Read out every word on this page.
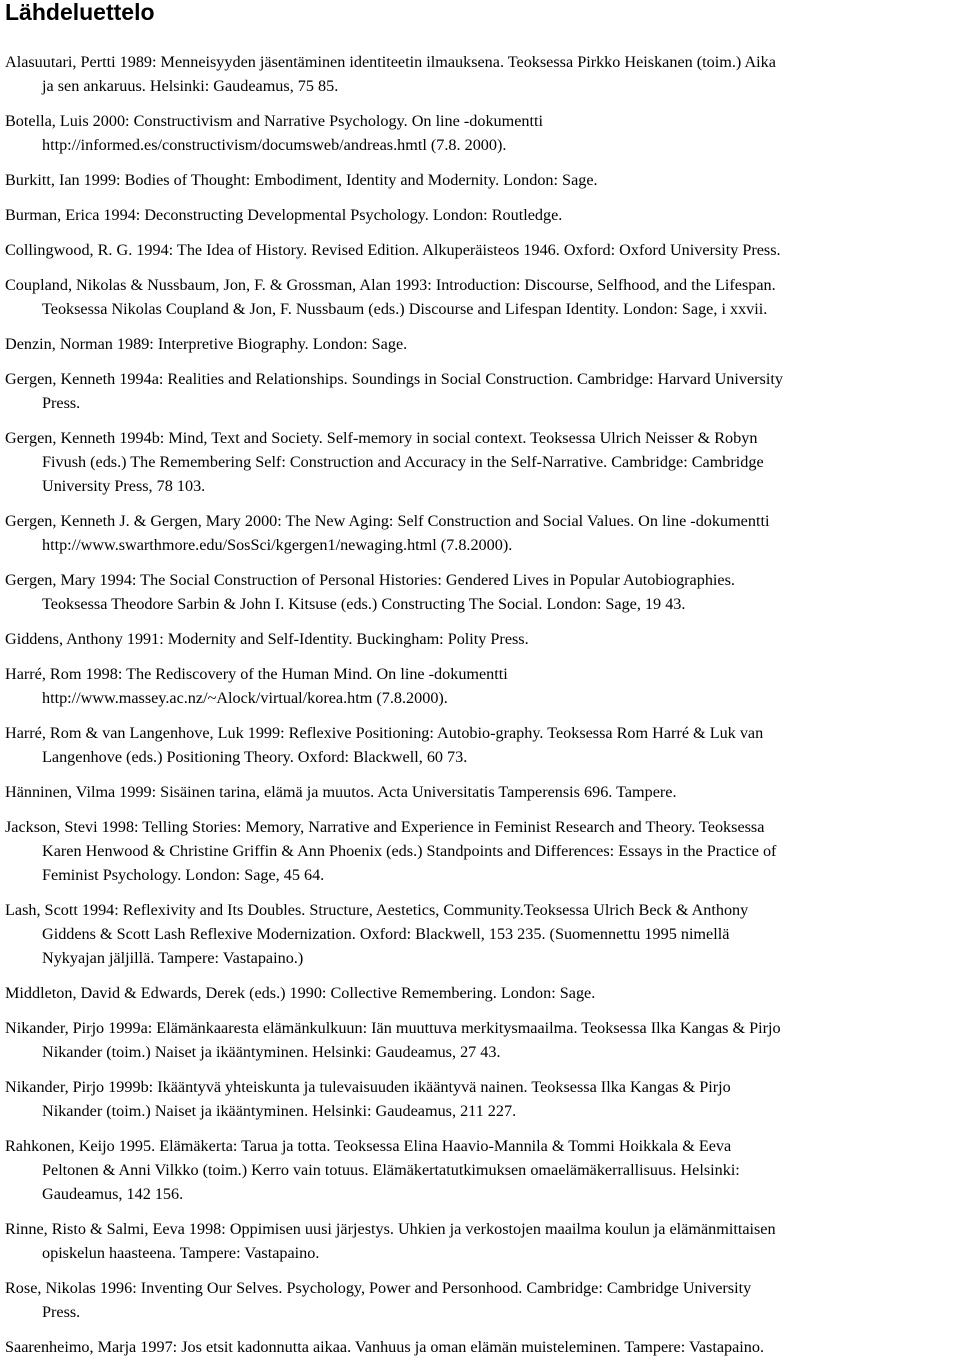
Lähdeluettelo
Alasuutari, Pertti 1989: Menneisyyden jäsentäminen identiteetin ilmauksena. Teoksessa Pirkko Heiskanen (toim.) Aika
ja sen ankaruus. Helsinki: Gaudeamus, 75 85.
Botella, Luis 2000: Constructivism and Narrative Psychology. On line -dokumentti
http://informed.es/constructivism/documsweb/andreas.hmtl (7.8. 2000).
Burkitt, Ian 1999: Bodies of Thought: Embodiment, Identity and Modernity. London: Sage.
Burman, Erica 1994: Deconstructing Developmental Psychology. London: Routledge.
Collingwood, R. G. 1994: The Idea of History. Revised Edition. Alkuperäisteos 1946. Oxford: Oxford University Press.
Coupland, Nikolas & Nussbaum, Jon, F. & Grossman, Alan 1993: Introduction: Discourse, Selfhood, and the Lifespan.
Teoksessa Nikolas Coupland & Jon, F. Nussbaum (eds.) Discourse and Lifespan Identity. London: Sage, i xxvii.
Denzin, Norman 1989: Interpretive Biography. London: Sage.
Gergen, Kenneth 1994a: Realities and Relationships. Soundings in Social Construction. Cambridge: Harvard University
Press.
Gergen, Kenneth 1994b: Mind, Text and Society. Self-memory in social context. Teoksessa Ulrich Neisser & Robyn
Fivush (eds.) The Remembering Self: Construction and Accuracy in the Self-Narrative. Cambridge: Cambridge
University Press, 78 103.
Gergen, Kenneth J. & Gergen, Mary 2000: The New Aging: Self Construction and Social Values. On line -dokumentti
http://www.swarthmore.edu/SosSci/kgergen1/newaging.html (7.8.2000).
Gergen, Mary 1994: The Social Construction of Personal Histories: Gendered Lives in Popular Autobiographies.
Teoksessa Theodore Sarbin & John I. Kitsuse (eds.) Constructing The Social. London: Sage, 19 43.
Giddens, Anthony 1991: Modernity and Self-Identity. Buckingham: Polity Press.
Harré, Rom 1998: The Rediscovery of the Human Mind. On line -dokumentti
http://www.massey.ac.nz/~Alock/virtual/korea.htm (7.8.2000).
Harré, Rom & van Langenhove, Luk 1999: Reflexive Positioning: Autobio-graphy. Teoksessa Rom Harré & Luk van
Langenhove (eds.) Positioning Theory. Oxford: Blackwell, 60 73.
Hänninen, Vilma 1999: Sisäinen tarina, elämä ja muutos. Acta Universitatis Tamperensis 696. Tampere.
Jackson, Stevi 1998: Telling Stories: Memory, Narrative and Experience in Feminist Research and Theory. Teoksessa
Karen Henwood & Christine Griffin & Ann Phoenix (eds.) Standpoints and Differences: Essays in the Practice of
Feminist Psychology. London: Sage, 45 64.
Lash, Scott 1994: Reflexivity and Its Doubles. Structure, Aestetics, Community.Teoksessa Ulrich Beck & Anthony
Giddens & Scott Lash Reflexive Modernization. Oxford: Blackwell, 153 235. (Suomennettu 1995 nimellä
Nykyajan jäljillä. Tampere: Vastapaino.)
Middleton, David & Edwards, Derek (eds.) 1990: Collective Remembering. London: Sage.
Nikander, Pirjo 1999a: Elämänkaaresta elämänkulkuun: Iän muuttuva merkitysmaailma. Teoksessa Ilka Kangas & Pirjo
Nikander (toim.) Naiset ja ikääntyminen. Helsinki: Gaudeamus, 27 43.
Nikander, Pirjo 1999b: Ikääntyvä yhteiskunta ja tulevaisuuden ikääntyvä nainen. Teoksessa Ilka Kangas & Pirjo
Nikander (toim.) Naiset ja ikääntyminen. Helsinki: Gaudeamus, 211 227.
Rahkonen, Keijo 1995. Elämäkerta: Tarua ja totta. Teoksessa Elina Haavio-Mannila & Tommi Hoikkala & Eeva
Peltonen & Anni Vilkko (toim.) Kerro vain totuus. Elämäkertatutkimuksen omaelämäkerrallisuus. Helsinki:
Gaudeamus, 142 156.
Rinne, Risto & Salmi, Eeva 1998: Oppimisen uusi järjestys. Uhkien ja verkostojen maailma koulun ja elämänmittaisen
opiskelun haasteena. Tampere: Vastapaino.
Rose, Nikolas 1996: Inventing Our Selves. Psychology, Power and Personhood. Cambridge: Cambridge University
Press.
Saarenheimo, Marja 1997: Jos etsit kadonnutta aikaa. Vanhuus ja oman elämän muisteleminen. Tampere: Vastapaino.
